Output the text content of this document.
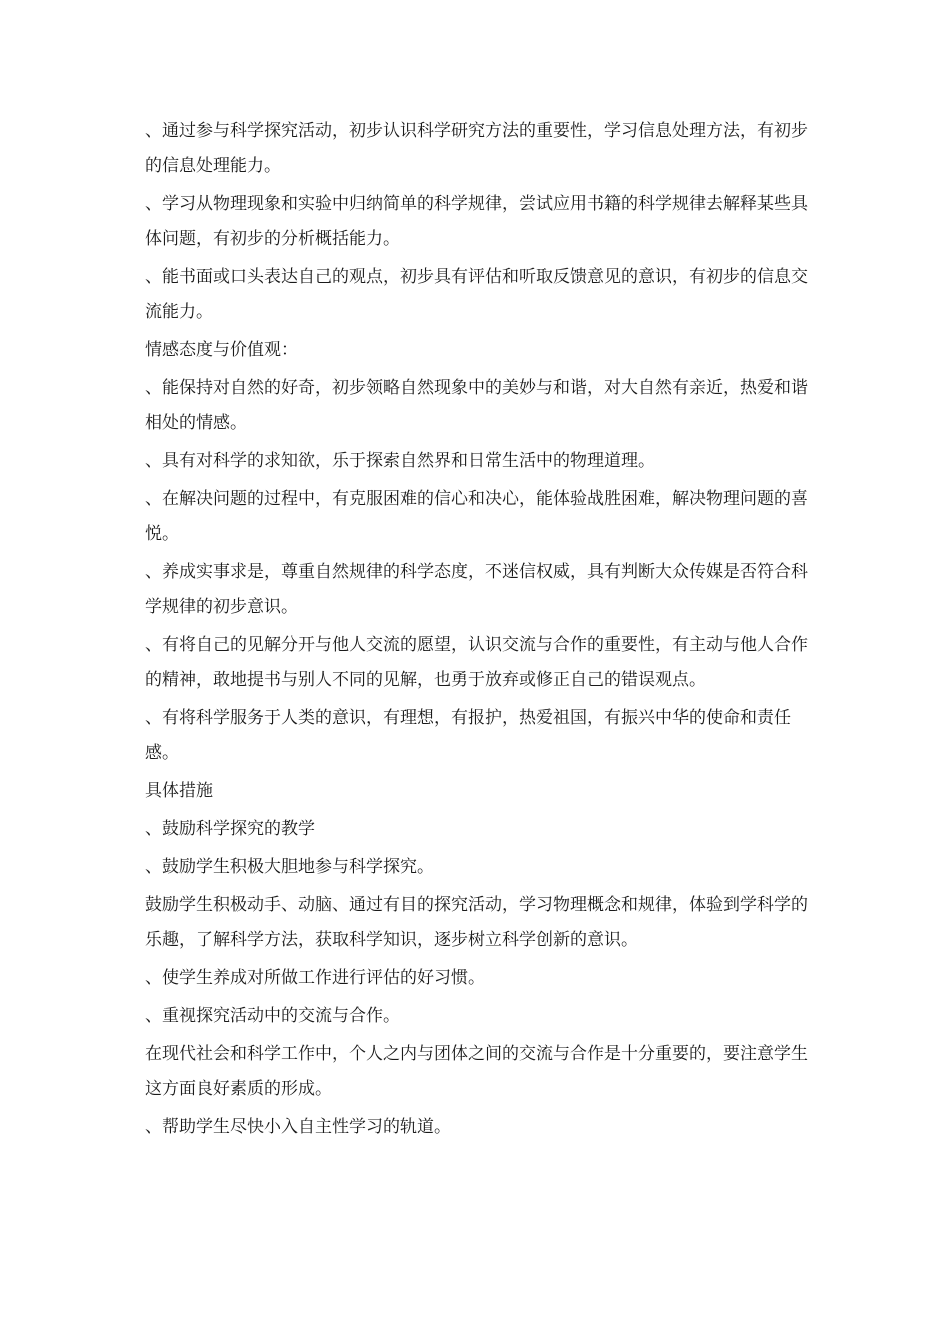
、通过参与科学探究活动，初步认识科学研究方法的重要性，学习信息处理方法，有初步的信息处理能力。

、学习从物理现象和实验中归纳简单的科学规律，尝试应用书籍的科学规律去解释某些具体问题，有初步的分析概括能力。

、能书面或口头表达自己的观点，初步具有评估和听取反馈意见的意识，有初步的信息交流能力。

情感态度与价值观：

、能保持对自然的好奇，初步领略自然现象中的美妙与和谐，对大自然有亲近，热爱和谐相处的情感。

、具有对科学的求知欲，乐于探索自然界和日常生活中的物理道理。

、在解决问题的过程中，有克服困难的信心和决心，能体验战胜困难，解决物理问题的喜悦。

、养成实事求是，尊重自然规律的科学态度，不迷信权威，具有判断大众传媒是否符合科学规律的初步意识。

、有将自己的见解分开与他人交流的愿望，认识交流与合作的重要性，有主动与他人合作的精神，敢地提书与别人不同的见解，也勇于放弃或修正自己的错误观点。

、有将科学服务于人类的意识，有理想，有报护，热爱祖国，有振兴中华的使命和责任感。

具体措施

、鼓励科学探究的教学

、鼓励学生积极大胆地参与科学探究。

鼓励学生积极动手、动脑、通过有目的探究活动，学习物理概念和规律，体验到学科学的乐趣，了解科学方法，获取科学知识，逐步树立科学创新的意识。

、使学生养成对所做工作进行评估的好习惯。

、重视探究活动中的交流与合作。

在现代社会和科学工作中，个人之内与团体之间的交流与合作是十分重要的，要注意学生这方面良好素质的形成。

、帮助学生尽快小入自主性学习的轨道。
